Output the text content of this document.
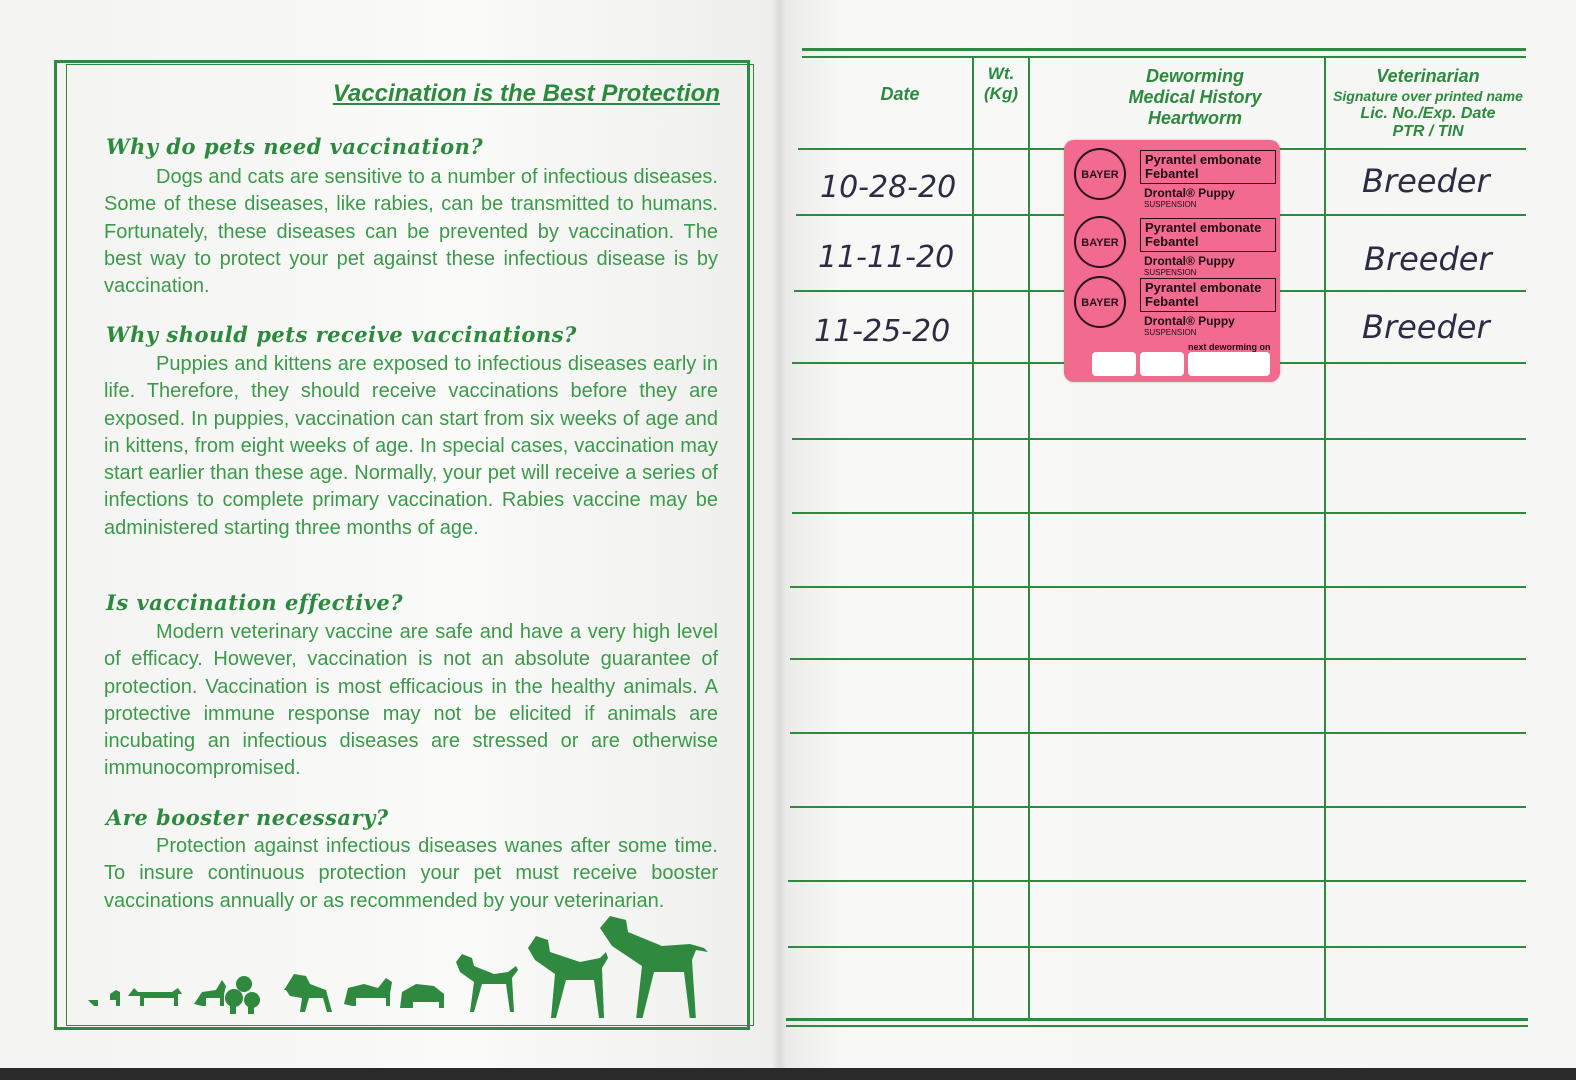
Vaccination is the Best Protection
Why do pets need vaccination?

Dogs and cats are sensitive to a number of infectious diseases. Some of these diseases, like rabies, can be transmitted to humans. Fortunately, these diseases can be prevented by vaccination. The best way to protect your pet against these infectious disease is by vaccination.

Why should pets receive vaccinations?

Puppies and kittens are exposed to infectious diseases early in life. Therefore, they should receive vaccinations before they are exposed. In puppies, vaccination can start from six weeks of age and in kittens, from eight weeks of age. In special cases, vaccination may start earlier than these age. Normally, your pet will receive a series of infections to complete primary vaccination. Rabies vaccine may be administered starting three months of age.

Is vaccination effective?

Modern veterinary vaccine are safe and have a very high level of efficacy. However, vaccination is not an absolute guarantee of protection. Vaccination is most efficacious in the healthy animals. A protective immune response may not be elicited if animals are incubating an infectious diseases are stressed or are otherwise immunocompromised.

Are booster necessary?

Protection against infectious diseases wanes after some time. To insure continuous protection your pet must receive booster vaccinations annually or as recommended by your veterinarian.

Date
Wt.
(Kg)
Deworming
Medical History
Heartworm
Veterinarian
Signature over printed name
Lic. No./Exp. Date
PTR / TIN
10-28-20
11-11-20
11-25-20
Breeder
Breeder
Breeder
BAYER
Pyrantel embonate
Febantel
Drontal® Puppy
SUSPENSION
BAYER
Pyrantel embonate
Febantel
Drontal® Puppy
SUSPENSION
BAYER
Pyrantel embonate
Febantel
Drontal® Puppy
SUSPENSION
next deworming on
